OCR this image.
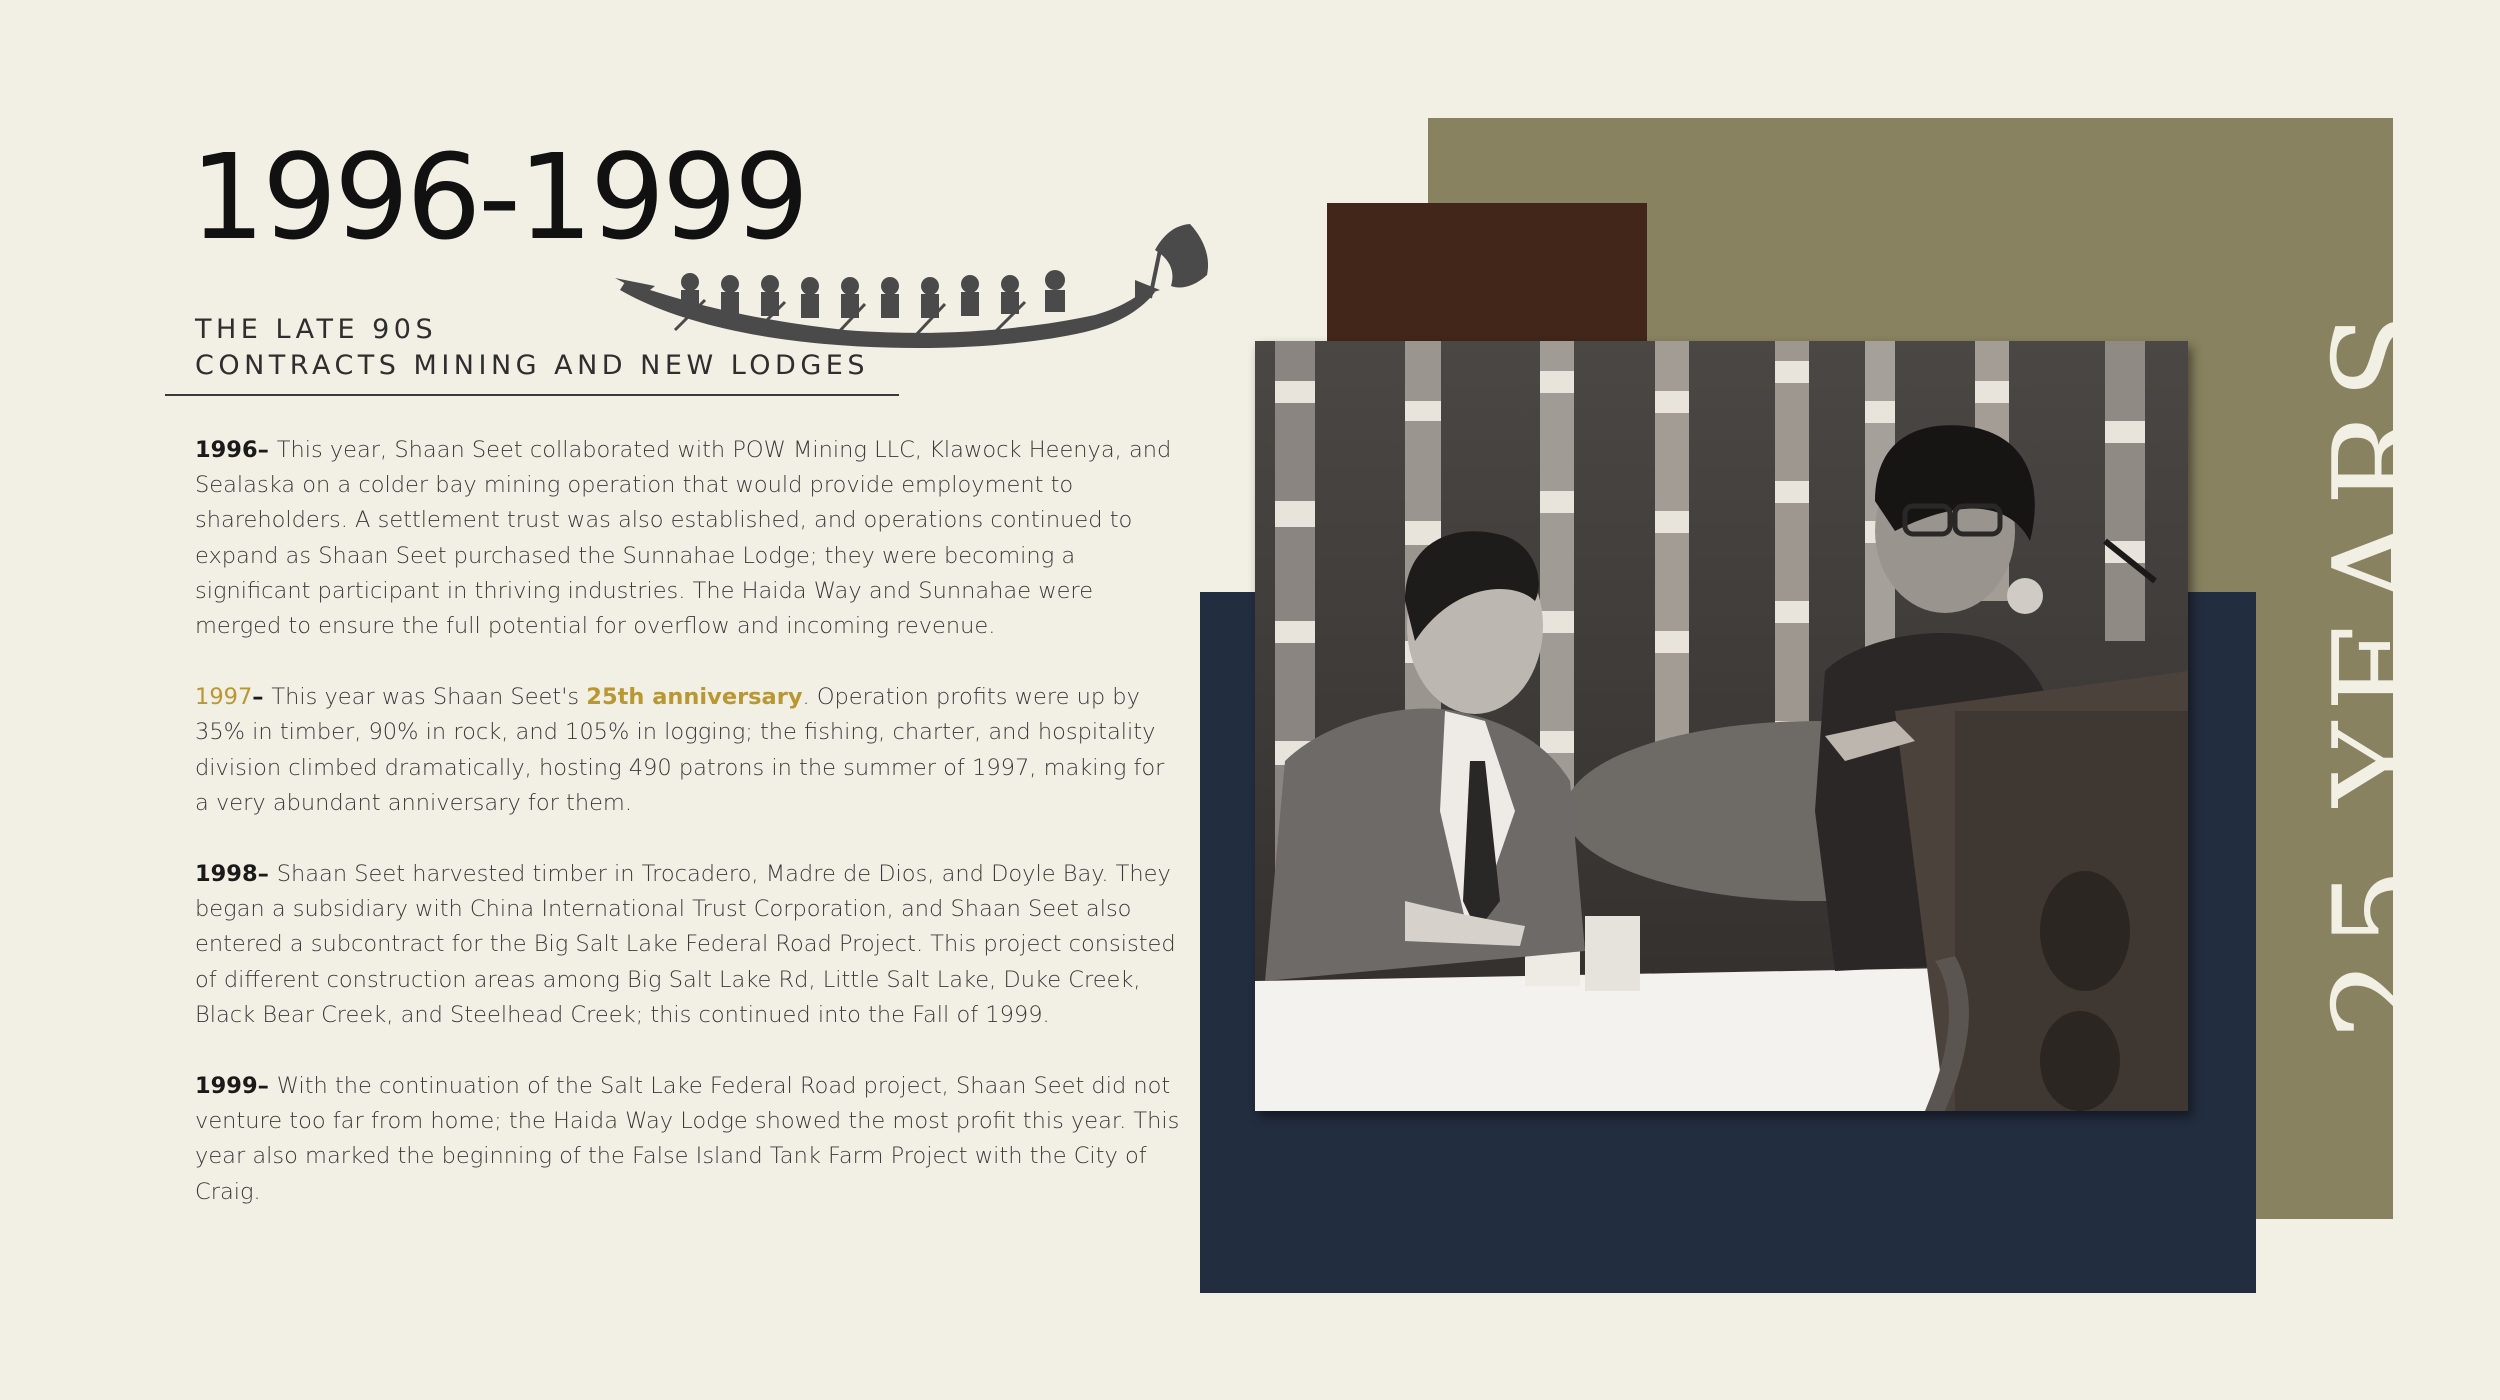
1996-1999
THE LATE 90S
CONTRACTS MINING AND NEW LODGES

1996– This year, Shaan Seet collaborated with POW Mining LLC, Klawock Heenya, and Sealaska on a colder bay mining operation that would provide employment to shareholders. A settlement trust was also established, and operations continued to expand as Shaan Seet purchased the Sunnahae Lodge; they were becoming a significant participant in thriving industries. The Haida Way and Sunnahae were merged to ensure the full potential for overflow and incoming revenue.

1997– This year was Shaan Seet's 25th anniversary. Operation profits were up by 35% in timber, 90% in rock, and 105% in logging; the fishing, charter, and hospitality division climbed dramatically, hosting 490 patrons in the summer of 1997, making for a very abundant anniversary for them.

1998– Shaan Seet harvested timber in Trocadero, Madre de Dios, and Doyle Bay. They began a subsidiary with China International Trust Corporation, and Shaan Seet also entered a subcontract for the Big Salt Lake Federal Road Project. This project consisted of different construction areas among Big Salt Lake Rd, Little Salt Lake, Duke Creek, Black Bear Creek, and Steelhead Creek; this continued into the Fall of 1999.

1999– With the continuation of the Salt Lake Federal Road project, Shaan Seet did not venture too far from home; the Haida Way Lodge showed the most profit this year. This year also marked the beginning of the False Island Tank Farm Project with the City of Craig.

25 YEARS.
